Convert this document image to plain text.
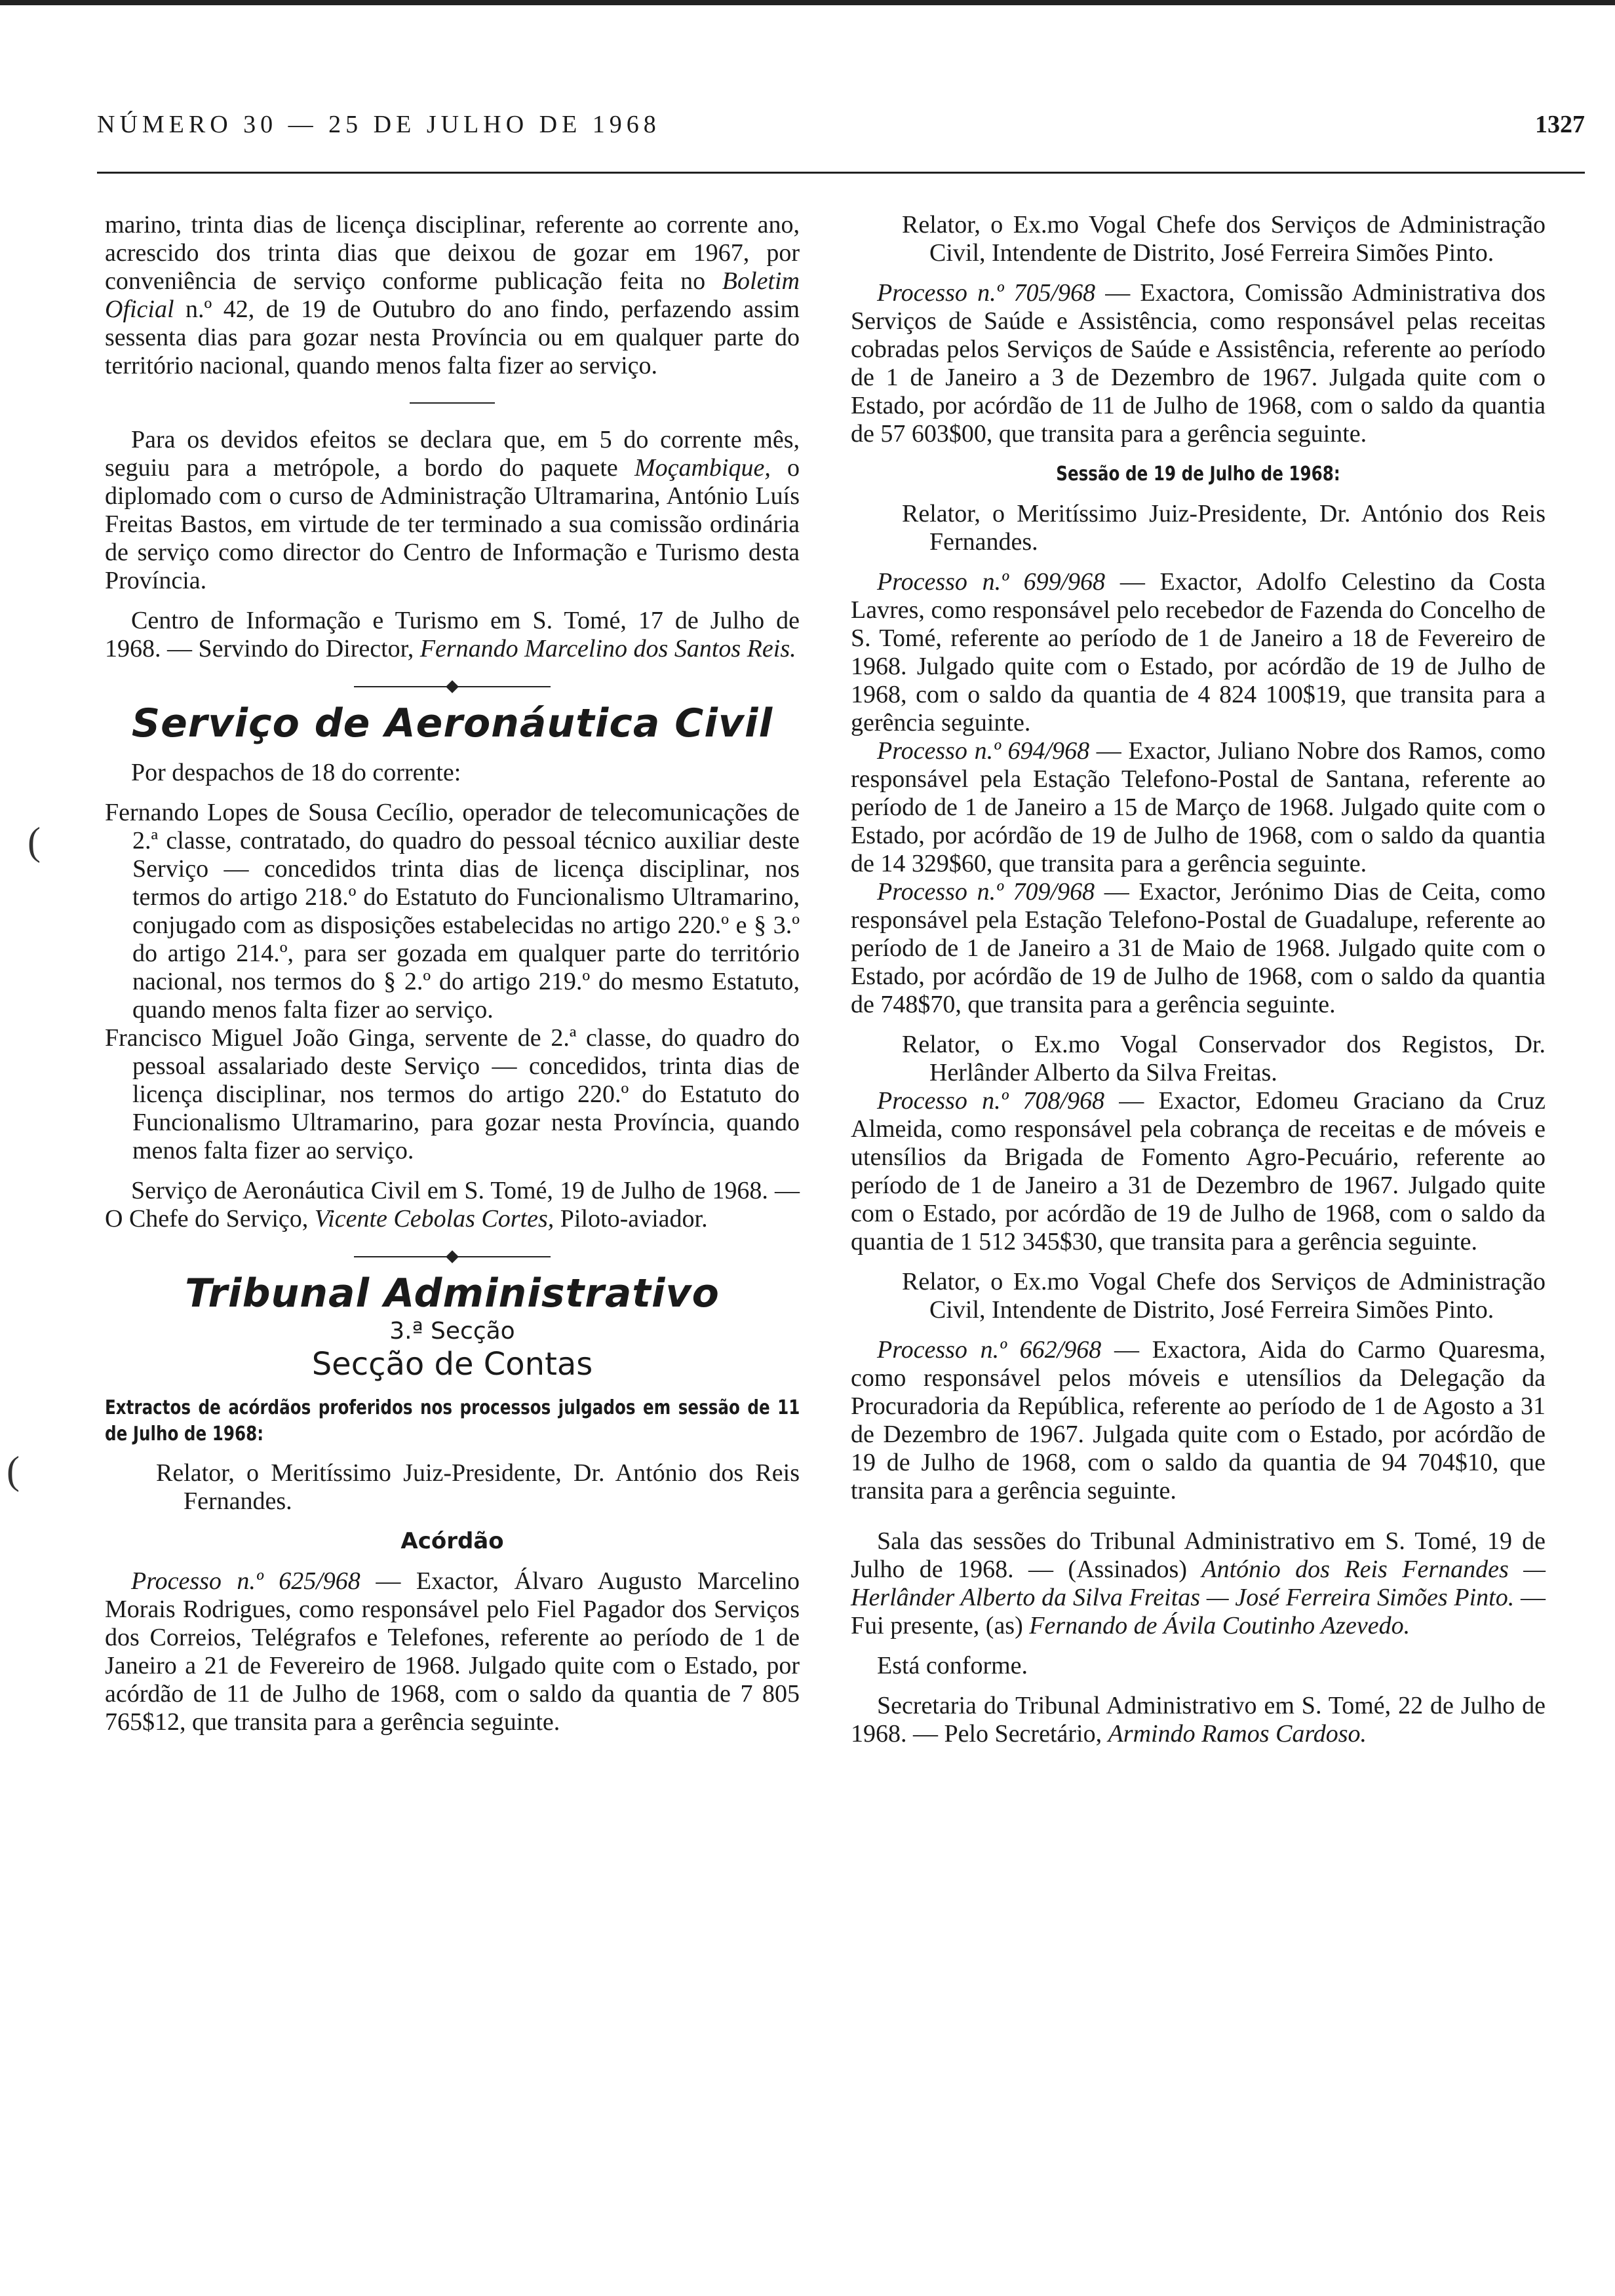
NÚMERO 30 — 25 DE JULHO DE 1968	1327
(
(

marino, trinta dias de licença disciplinar, referente ao corrente ano, acrescido dos trinta dias que deixou de gozar em 1967, por conveniência de serviço conforme publicação feita no Boletim Oficial n.º 42, de 19 de Outubro do ano findo, perfazendo assim sessenta dias para gozar nesta Província ou em qualquer parte do território nacional, quando menos falta fizer ao serviço.

Para os devidos efeitos se declara que, em 5 do corrente mês, seguiu para a metrópole, a bordo do paquete Moçambique, o diplomado com o curso de Administração Ultramarina, António Luís Freitas Bastos, em virtude de ter terminado a sua comissão ordinária de serviço como director do Centro de Informação e Turismo desta Província.

Centro de Informação e Turismo em S. Tomé, 17 de Julho de 1968. — Servindo do Director, Fernando Marcelino dos Santos Reis.

Serviço de Aeronáutica Civil

Por despachos de 18 do corrente:

Fernando Lopes de Sousa Cecílio, operador de telecomunicações de 2.ª classe, contratado, do quadro do pessoal técnico auxiliar deste Serviço — concedidos trinta dias de licença disciplinar, nos termos do artigo 218.º do Estatuto do Funcionalismo Ultramarino, conjugado com as disposições estabelecidas no artigo 220.º e § 3.º do artigo 214.º, para ser gozada em qualquer parte do território nacional, nos termos do § 2.º do artigo 219.º do mesmo Estatuto, quando menos falta fizer ao serviço.

Francisco Miguel João Ginga, servente de 2.ª classe, do quadro do pessoal assalariado deste Serviço — concedidos, trinta dias de licença disciplinar, nos termos do artigo 220.º do Estatuto do Funcionalismo Ultramarino, para gozar nesta Província, quando menos falta fizer ao serviço.

Serviço de Aeronáutica Civil em S. Tomé, 19 de Julho de 1968. — O Chefe do Serviço, Vicente Cebolas Cortes, Piloto-aviador.

Tribunal Administrativo
3.ª Secção
Secção de Contas

Extractos de acórdãos proferidos nos processos julgados em sessão de 11 de Julho de 1968:

Relator, o Meritíssimo Juiz-Presidente, Dr. António dos Reis Fernandes.

Acórdão

Processo n.º 625/968 — Exactor, Álvaro Augusto Marcelino Morais Rodrigues, como responsável pelo Fiel Pagador dos Serviços dos Correios, Telégrafos e Telefones, referente ao período de 1 de Janeiro a 21 de Fevereiro de 1968. Julgado quite com o Estado, por acórdão de 11 de Julho de 1968, com o saldo da quantia de 7 805 765$12, que transita para a gerência seguinte.

Relator, o Ex.mo Vogal Chefe dos Serviços de Administração Civil, Intendente de Distrito, José Ferreira Simões Pinto.

Processo n.º 705/968 — Exactora, Comissão Administrativa dos Serviços de Saúde e Assistência, como responsável pelas receitas cobradas pelos Serviços de Saúde e Assistência, referente ao período de 1 de Janeiro a 3 de Dezembro de 1967. Julgada quite com o Estado, por acórdão de 11 de Julho de 1968, com o saldo da quantia de 57 603$00, que transita para a gerência seguinte.

Sessão de 19 de Julho de 1968:

Relator, o Meritíssimo Juiz-Presidente, Dr. António dos Reis Fernandes.

Processo n.º 699/968 — Exactor, Adolfo Celestino da Costa Lavres, como responsável pelo recebedor de Fazenda do Concelho de S. Tomé, referente ao período de 1 de Janeiro a 18 de Fevereiro de 1968. Julgado quite com o Estado, por acórdão de 19 de Julho de 1968, com o saldo da quantia de 4 824 100$19, que transita para a gerência seguinte.

Processo n.º 694/968 — Exactor, Juliano Nobre dos Ramos, como responsável pela Estação Telefono-Postal de Santana, referente ao período de 1 de Janeiro a 15 de Março de 1968. Julgado quite com o Estado, por acórdão de 19 de Julho de 1968, com o saldo da quantia de 14 329$60, que transita para a gerência seguinte.

Processo n.º 709/968 — Exactor, Jerónimo Dias de Ceita, como responsável pela Estação Telefono-Postal de Guadalupe, referente ao período de 1 de Janeiro a 31 de Maio de 1968. Julgado quite com o Estado, por acórdão de 19 de Julho de 1968, com o saldo da quantia de 748$70, que transita para a gerência seguinte.

Relator, o Ex.mo Vogal Conservador dos Registos, Dr. Herlânder Alberto da Silva Freitas.

Processo n.º 708/968 — Exactor, Edomeu Graciano da Cruz Almeida, como responsável pela cobrança de receitas e de móveis e utensílios da Brigada de Fomento Agro-Pecuário, referente ao período de 1 de Janeiro a 31 de Dezembro de 1967. Julgado quite com o Estado, por acórdão de 19 de Julho de 1968, com o saldo da quantia de 1 512 345$30, que transita para a gerência seguinte.

Relator, o Ex.mo Vogal Chefe dos Serviços de Administração Civil, Intendente de Distrito, José Ferreira Simões Pinto.

Processo n.º 662/968 — Exactora, Aida do Carmo Quaresma, como responsável pelos móveis e utensílios da Delegação da Procuradoria da República, referente ao período de 1 de Agosto a 31 de Dezembro de 1967. Julgada quite com o Estado, por acórdão de 19 de Julho de 1968, com o saldo da quantia de 94 704$10, que transita para a gerência seguinte.

Sala das sessões do Tribunal Administrativo em S. Tomé, 19 de Julho de 1968. — (Assinados) António dos Reis Fernandes — Herlânder Alberto da Silva Freitas — José Ferreira Simões Pinto. — Fui presente, (as) Fernando de Ávila Coutinho Azevedo.

Está conforme.

Secretaria do Tribunal Administrativo em S. Tomé, 22 de Julho de 1968. — Pelo Secretário, Armindo Ramos Cardoso.
